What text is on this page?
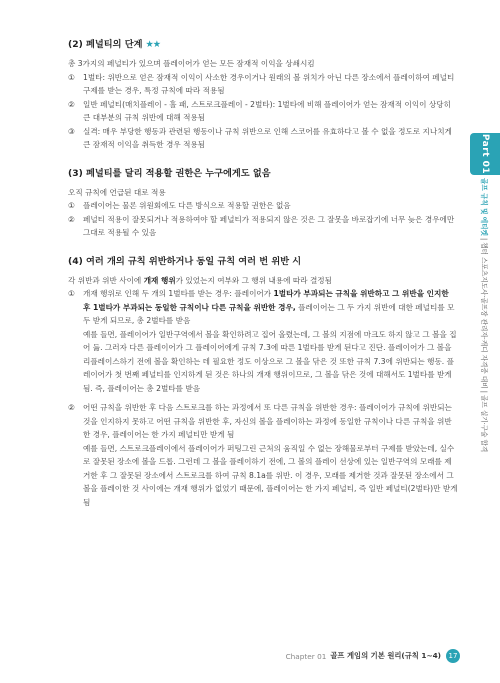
(2) 페널티의 단계 ★★

총 3가지의 페널티가 있으며 플레이어가 얻는 모든 잠재적 이익을 상쇄시킴

① 1벌타: 위반으로 얻은 잠재적 이익이 사소한 경우이거나 원래의 볼 위치가 아닌 다른 장소에서 플레이하여 페널티 구제를 받는 경우, 특정 규칙에 따라 적용됨

② 일반 페널티(매치플레이 - 홀 패, 스트로크플레이 - 2벌타): 1벌타에 비해 플레이어가 얻는 잠재적 이익이 상당히 큰 대부분의 규칙 위반에 대해 적용됨

③ 실격: 매우 부당한 행동과 관련된 행동이나 규칙 위반으로 인해 스코어를 유효하다고 볼 수 없을 정도로 지나치게 큰 잠재적 이익을 취득한 경우 적용됨

(3) 페널티를 달리 적용할 권한은 누구에게도 없음

오직 규칙에 언급된 대로 적용

① 플레이어는 물론 위원회에도 다른 방식으로 적용할 권한은 없음

② 페널티 적용이 잘못되거나 적용하여야 할 페널티가 적용되지 않은 것은 그 잘못을 바로잡기에 너무 늦은 경우에만 그대로 적용될 수 있음

(4) 여러 개의 규칙 위반하거나 동일 규칙 여러 번 위반 시

각 위반과 위반 사이에 개재 행위가 있었는지 여부와 그 행위 내용에 따라 결정됨

① 개재 행위로 인해 두 개의 1벌타를 받는 경우: 플레이어가 1벌타가 부과되는 규칙을 위반하고 그 위반을 인지한 후 1벌타가 부과되는 동일한 규칙이나 다른 규칙을 위반한 경우, 플레이어는 그 두 가지 위반에 대한 페널티를 모두 받게 되므로, 총 2벌타를 받음

예를 들면, 플레이어가 일반구역에서 볼을 확인하려고 집어 올렸는데, 그 볼의 지점에 마크도 하지 않고 그 볼을 집어 듦. 그러자 다른 플레이어가 그 플레이어에게 규칙 7.3에 따른 1벌타를 받게 된다고 진단. 플레이어가 그 볼을 리플레이스하기 전에 볼을 확인하는 데 필요한 정도 이상으로 그 볼을 닦은 것 또한 규칙 7.3에 위반되는 행동. 플레이어가 첫 번째 페널티를 인지하게 된 것은 하나의 개재 행위이므로, 그 볼을 닦은 것에 대해서도 1벌타를 받게 됨. 즉, 플레이어는 총 2벌타를 받음

② 어떤 규칙을 위반한 후 다음 스트로크를 하는 과정에서 또 다른 규칙을 위반한 경우: 플레이어가 규칙에 위반되는 것을 인지하지 못하고 어떤 규칙을 위반한 후, 자신의 볼을 플레이하는 과정에 동일한 규칙이나 다른 규칙을 위반한 경우, 플레이어는 한 가지 페널티만 받게 됨

예를 들면, 스트로크플레이에서 플레이어가 퍼팅그린 근처의 움직일 수 없는 장해물로부터 구제를 받았는데, 실수로 잘못된 장소에 볼을 드롭. 그런데 그 볼을 플레이하기 전에, 그 볼의 플레이 선상에 있는 일반구역의 모래를 제거한 후 그 잘못된 장소에서 스트로크를 하여 규칙 8.1a를 위반. 이 경우, 모래를 제거한 것과 잘못된 장소에서 그 볼을 플레이한 것 사이에는 개재 행위가 없었기 때문에, 플레이어는 한 가지 페널티, 즉 일반 페널티(2벌타)만 받게 됨

Part 01
골프 규칙 및 에티켓 | 챕터 스포츠지도사·골프장 관리자·캐디 자격증 대비 | 골프 실기·구술 합격
Chapter 01 골프 게임의 기본 원리(규칙 1~4)	17
